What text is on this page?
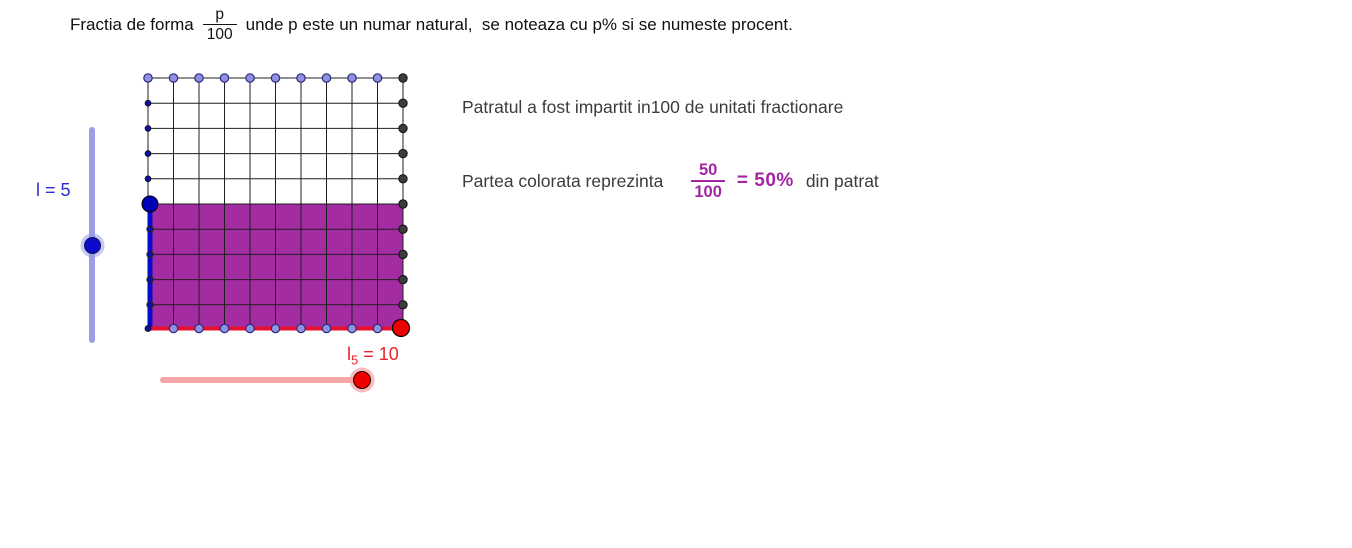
Fractia de forma $\frac{p}{100}$ unde p este un numar natural,  se noteaza cu p% si se numeste procent.
l = 5
$l_5 = 10$
Patratul a fost impartit in100 de unitati fractionare
Partea colorata reprezinta $\frac{50}{100} = 50\%$ din patrat
